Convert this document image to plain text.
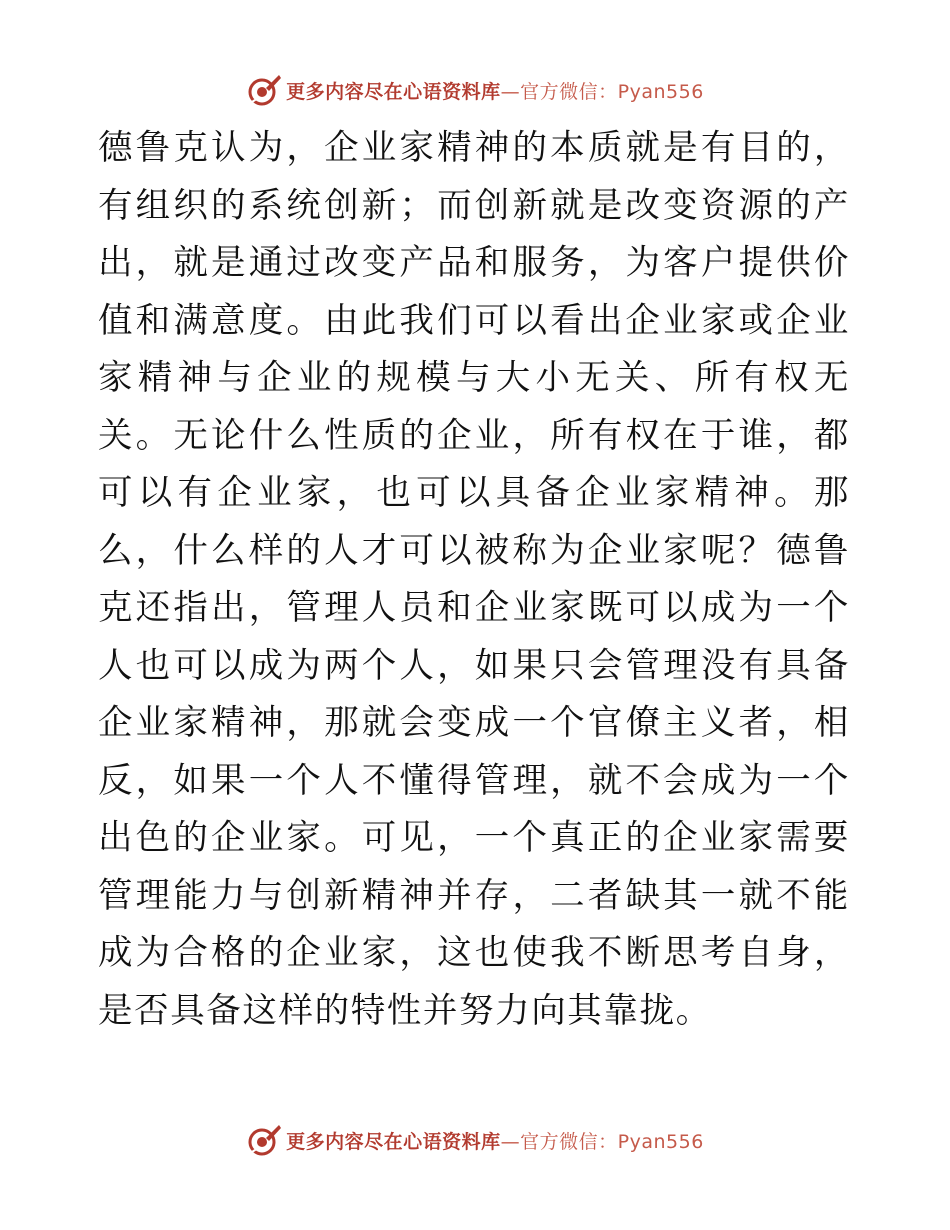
更多内容尽在心语资料库—官方微信：Pyan556

德鲁克认为，企业家精神的本质就是有目的，有组织的系统创新；而创新就是改变资源的产出，就是通过改变产品和服务，为客户提供价值和满意度。由此我们可以看出企业家或企业家精神与企业的规模与大小无关、所有权无关。无论什么性质的企业，所有权在于谁，都可以有企业家，也可以具备企业家精神。那么，什么样的人才可以被称为企业家呢？德鲁克还指出，管理人员和企业家既可以成为一个人也可以成为两个人，如果只会管理没有具备企业家精神，那就会变成一个官僚主义者，相反，如果一个人不懂得管理，就不会成为一个出色的企业家。可见，一个真正的企业家需要管理能力与创新精神并存，二者缺其一就不能成为合格的企业家，这也使我不断思考自身，是否具备这样的特性并努力向其靠拢。

更多内容尽在心语资料库—官方微信：Pyan556
